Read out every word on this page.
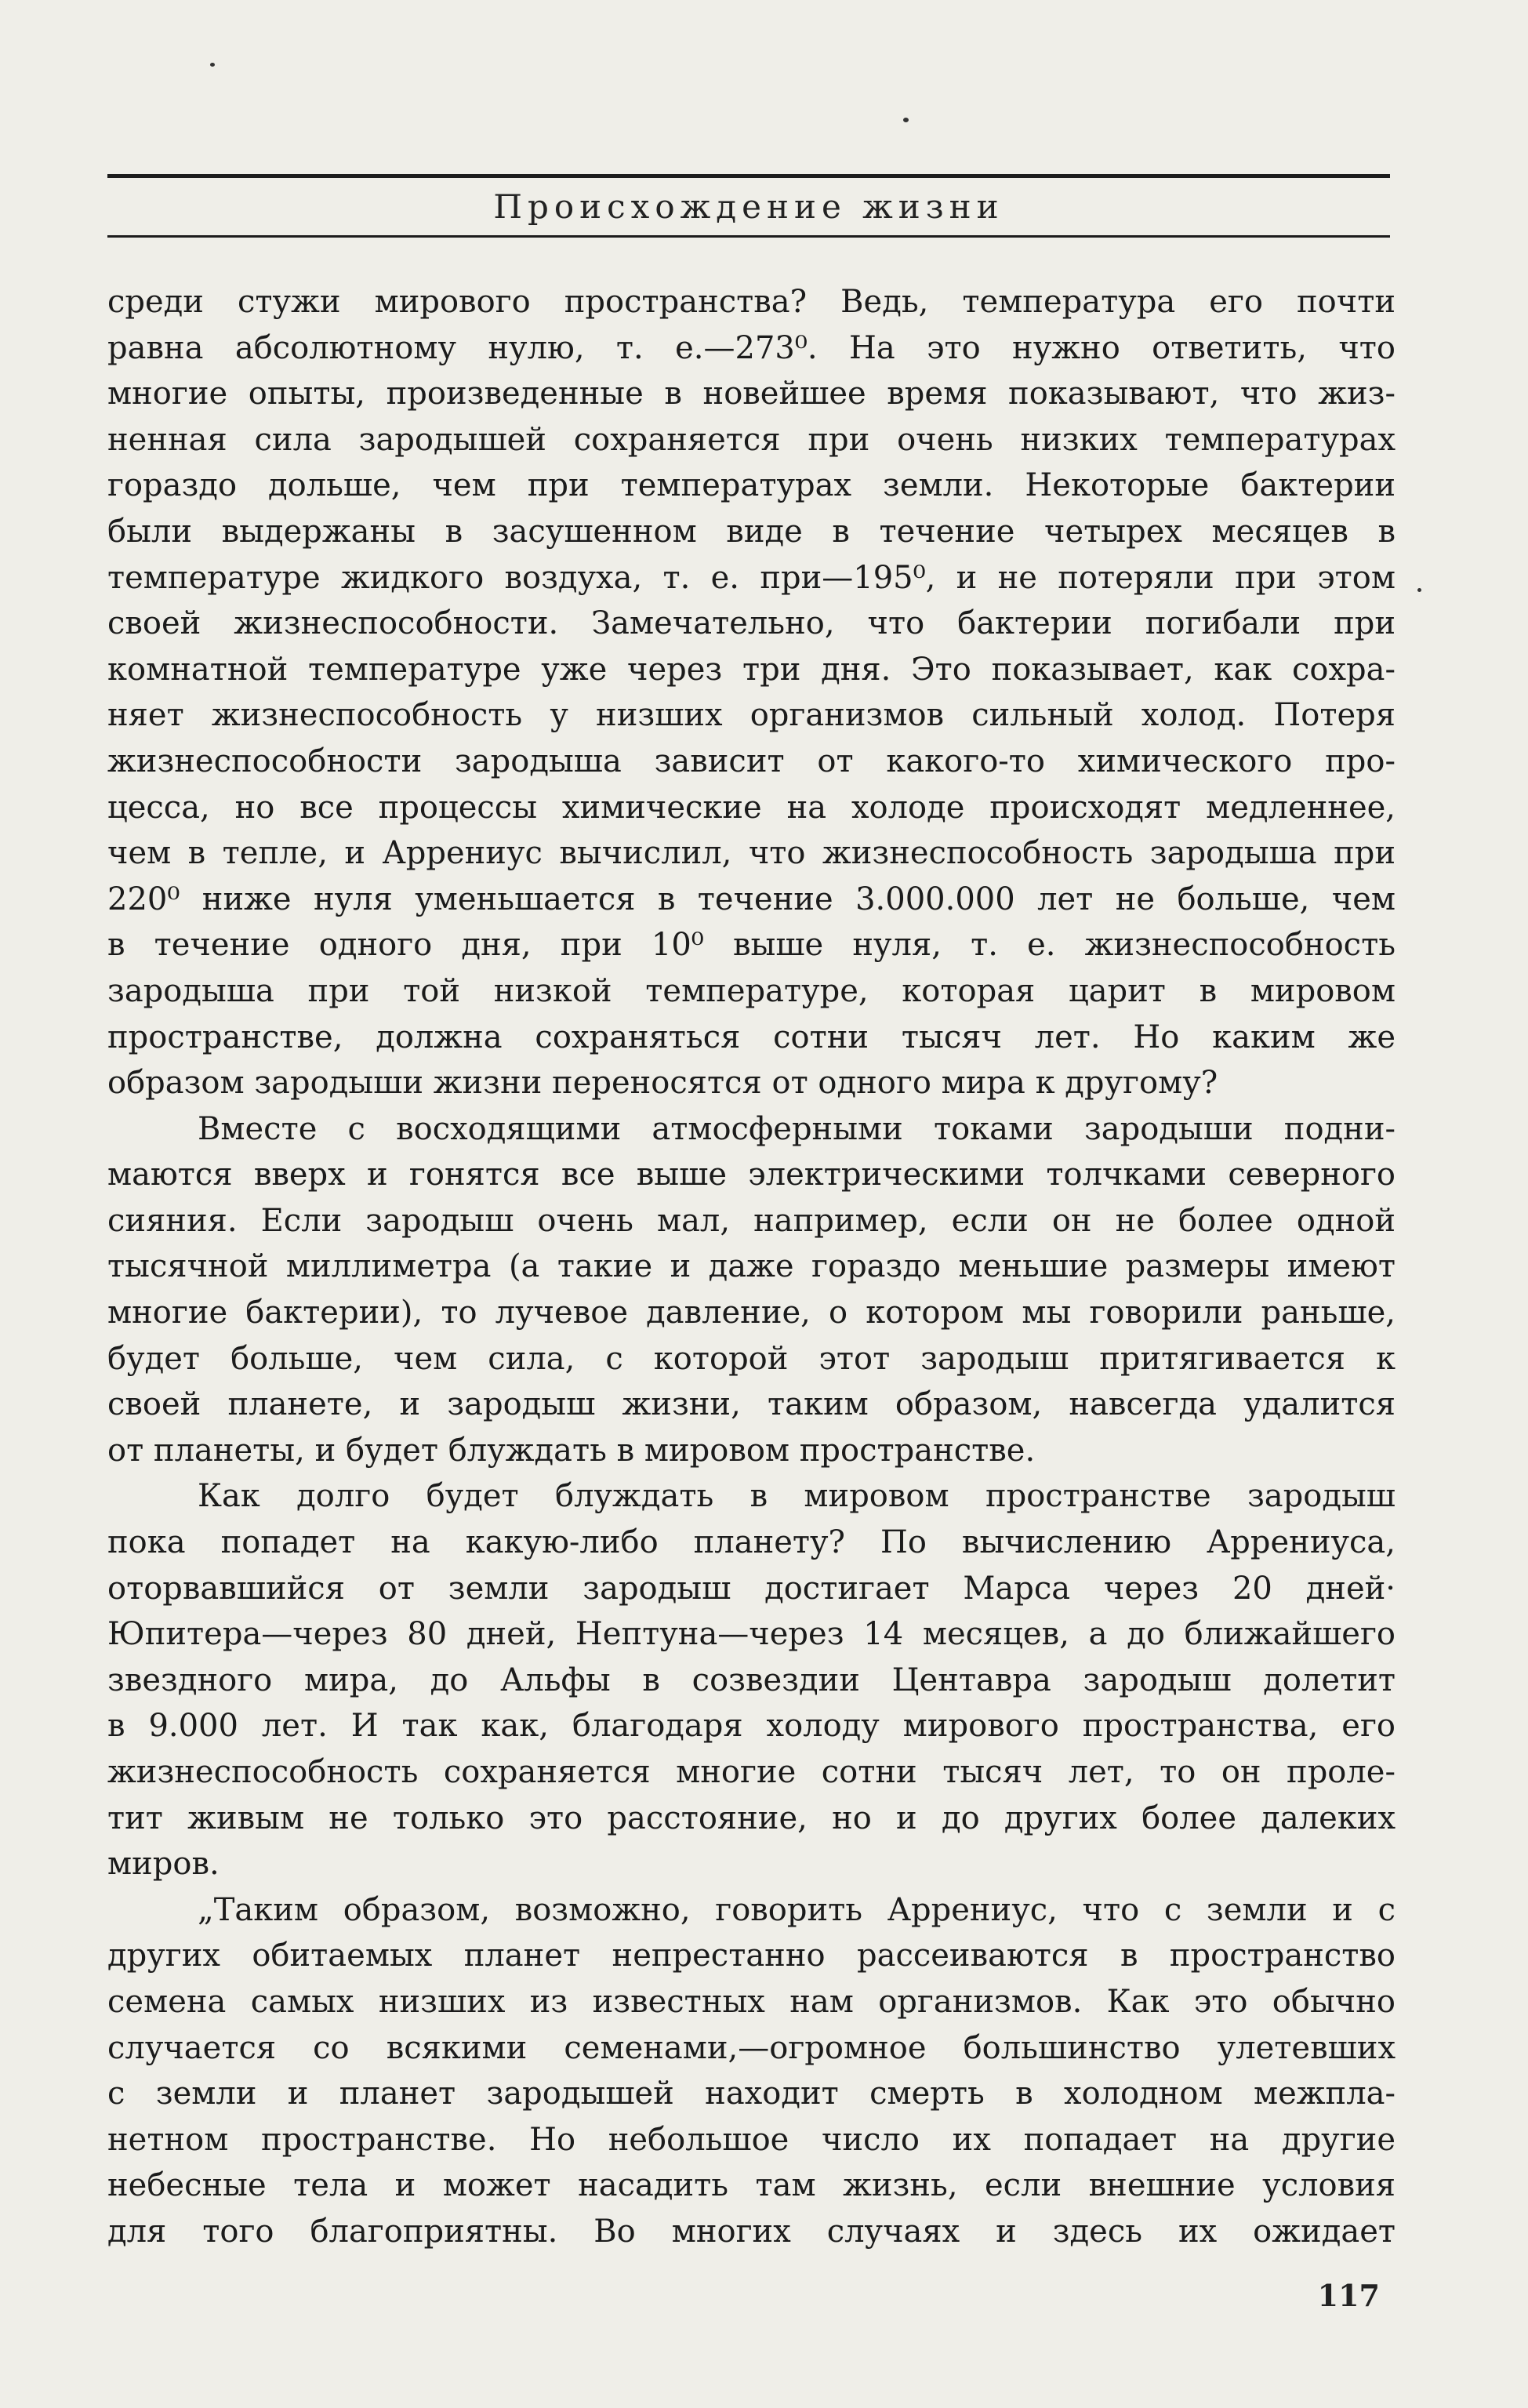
Происхождение жизни
среди стужи мирового пространства? Ведь, температура его почти
равна абсолютному нулю, т. е.—273⁰. На это нужно ответить, что
многие опыты, произведенные в новейшее время показывают, что жиз-
ненная сила зародышей сохраняется при очень низких температурах
гораздо дольше, чем при температурах земли. Некоторые бактерии
были выдержаны в засушенном виде в течение четырех месяцев в
температуре жидкого воздуха, т. е. при—195⁰, и не потеряли при этом
своей жизнеспособности. Замечательно, что бактерии погибали при
комнатной температуре уже через три дня. Это показывает, как сохра-
няет жизнеспособность у низших организмов сильный холод. Потеря
жизнеспособности зародыша зависит от какого-то химического про-
цесса, но все процессы химические на холоде происходят медленнее,
чем в тепле, и Аррениус вычислил, что жизнеспособность зародыша при
220⁰ ниже нуля уменьшается в течение 3.000.000 лет не больше, чем
в течение одного дня, при 10⁰ выше нуля, т. е. жизнеспособность
зародыша при той низкой температуре, которая царит в мировом
пространстве, должна сохраняться сотни тысяч лет. Но каким же
образом зародыши жизни переносятся от одного мира к другому?
Вместе с восходящими атмосферными токами зародыши подни-
маются вверх и гонятся все выше электрическими толчками северного
сияния. Если зародыш очень мал, например, если он не более одной
тысячной миллиметра (а такие и даже гораздо меньшие размеры имеют
многие бактерии), то лучевое давление, о котором мы говорили раньше,
будет больше, чем сила, с которой этот зародыш притягивается к
своей планете, и зародыш жизни, таким образом, навсегда удалится
от планеты, и будет блуждать в мировом пространстве.
Как долго будет блуждать в мировом пространстве зародыш
пока попадет на какую-либо планету? По вычислению Аррениуса,
оторвавшийся от земли зародыш достигает Марса через 20 дней·
Юпитера—через 80 дней, Нептуна—через 14 месяцев, а до ближайшего
звездного мира, до Альфы в созвездии Центавра зародыш долетит
в 9.000 лет. И так как, благодаря холоду мирового пространства, его
жизнеспособность сохраняется многие сотни тысяч лет, то он проле-
тит живым не только это расстояние, но и до других более далеких
миров.
„Таким образом, возможно, говорить Аррениус, что с земли и с
других обитаемых планет непрестанно рассеиваются в пространство
семена самых низших из известных нам организмов. Как это обычно
случается со всякими семенами,—огромное большинство улетевших
с земли и планет зародышей находит смерть в холодном межпла-
нетном пространстве. Но небольшое число их попадает на другие
небесные тела и может насадить там жизнь, если внешние условия
для того благоприятны. Во многих случаях и здесь их ожидает
117
